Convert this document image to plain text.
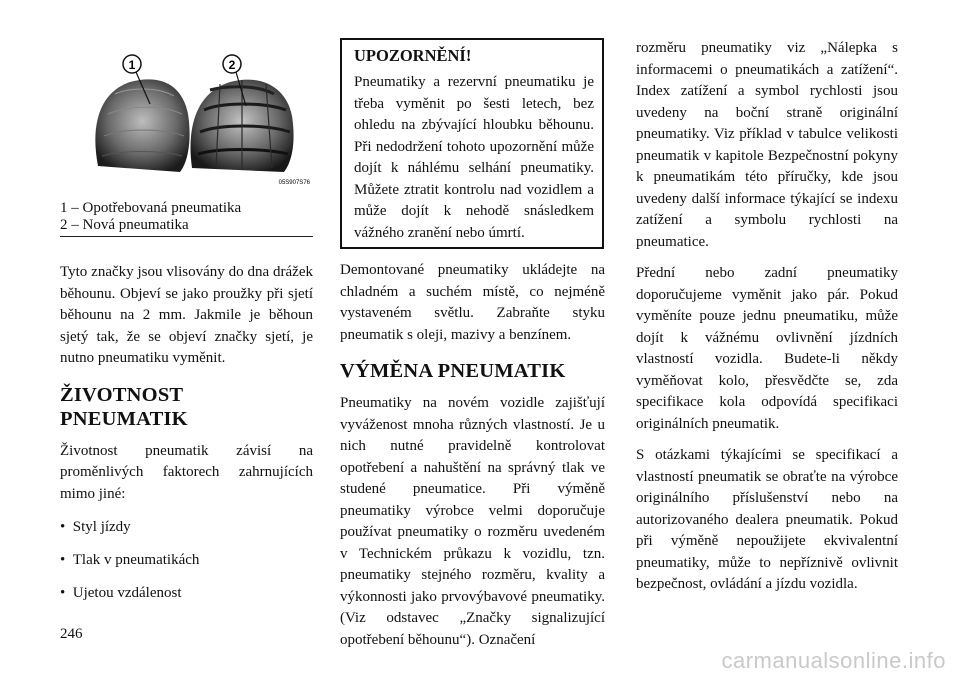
1	2
05S907S76
1 – Opotřebovaná pneumatika
2 – Nová pneumatika

Tyto značky jsou vlisovány do dna drážek běhounu. Objeví se jako proužky při sjetí běhounu na 2 mm. Jakmile je běhoun sjetý tak, že se objeví značky sjetí, je nutno pneumatiku vyměnit.

ŽIVOTNOST PNEUMATIK

Životnost pneumatik závisí na proměnlivých faktorech zahrnujících mimo jiné:

•  Styl jízdy

•  Tlak v pneumatikách

•  Ujetou vzdálenost

UPOZORNĚNÍ!

Pneumatiky a rezervní pneumatiku je třeba vyměnit po šesti letech, bez ohledu na zbývající hloubku běhounu. Při nedodržení tohoto upozornění může dojít k náhlému selhání pneumatiky. Můžete ztratit kontrolu nad vozidlem a může dojít k nehodě snásledkem vážného zranění nebo úmrtí.

Demontované pneumatiky ukládejte na chladném a suchém místě, co nejméně vystaveném světlu. Zabraňte styku pneumatik s oleji, mazivy a benzínem.

VÝMĚNA PNEUMATIK

Pneumatiky na novém vozidle zajišťují vyváženost mnoha různých vlastností. Je u nich nutné pravidelně kontrolovat opotřebení a nahuštění na správný tlak ve studené pneumatice. Při výměně pneumatiky výrobce velmi doporučuje používat pneumatiky o rozměru uvedeném v Technickém průkazu k vozidlu, tzn. pneumatiky stejného rozměru, kvality a výkonnosti jako prvovýbavové pneumatiky. (Viz odstavec „Značky signalizující opotřebení běhounu“). Označení

rozměru pneumatiky viz „Nálepka s informacemi o pneumatikách a zatížení“. Index zatížení a symbol rychlosti jsou uvedeny na boční straně originální pneumatiky. Viz příklad v tabulce velikosti pneumatik v kapitole Bezpečnostní pokyny k pneumatikám této příručky, kde jsou uvedeny další informace týkající se indexu zatížení a symbolu rychlosti na pneumatice.

Přední nebo zadní pneumatiky doporučujeme vyměnit jako pár. Pokud vyměníte pouze jednu pneumatiku, může dojít k vážnému ovlivnění jízdních vlastností vozidla. Budete-li někdy vyměňovat kolo, přesvědčte se, zda specifikace kola odpovídá specifikaci originálních pneumatik.

S otázkami týkajícími se specifikací a vlastností pneumatik se obraťte na výrobce originálního příslušenství nebo na autorizovaného dealera pneumatik. Pokud při výměně nepoužijete ekvivalentní pneumatiky, může to nepříznivě ovlivnit bezpečnost, ovládání a jízdu vozidla.

246
carmanualsonline.info
